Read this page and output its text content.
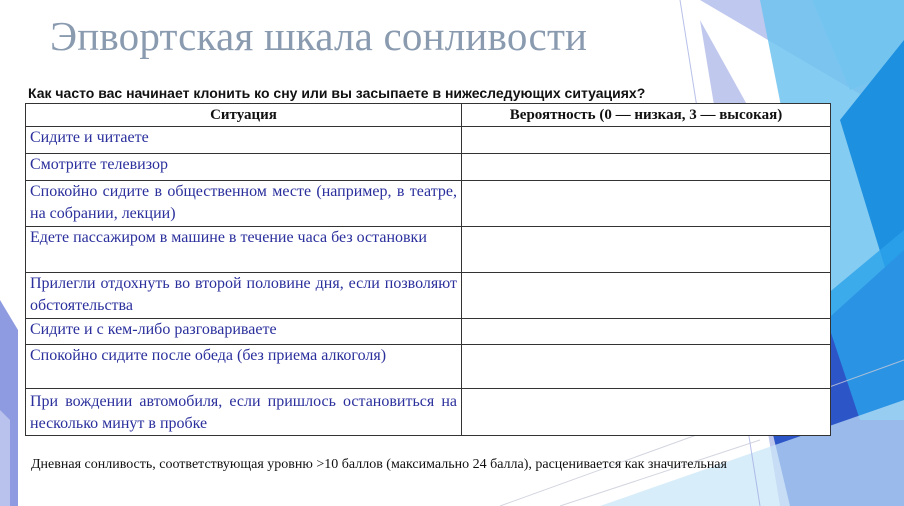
Эпвортская шкала сонливости

Как часто вас начинает клонить ко сну или вы засыпаете в нижеследующих ситуациях?

Ситуация	Вероятность (0 — низкая, 3 — высокая)
Сидите и читаете	
Смотрите телевизор	
Спокойно сидите в общественном месте (например, в театре, на собрании, лекции)	
Едете пассажиром в машине в течение часа без остановки	
Прилегли отдохнуть во второй половине дня, если позволяют обстоятельства	
Сидите и с кем-либо разговариваете	
Спокойно сидите после обеда (без приема алкоголя)	
При вождении автомобиля, если пришлось остановиться на несколько минут в пробке	

Дневная сонливость, соответствующая уровню >10 баллов (максимально 24 балла), расценивается как значительная
